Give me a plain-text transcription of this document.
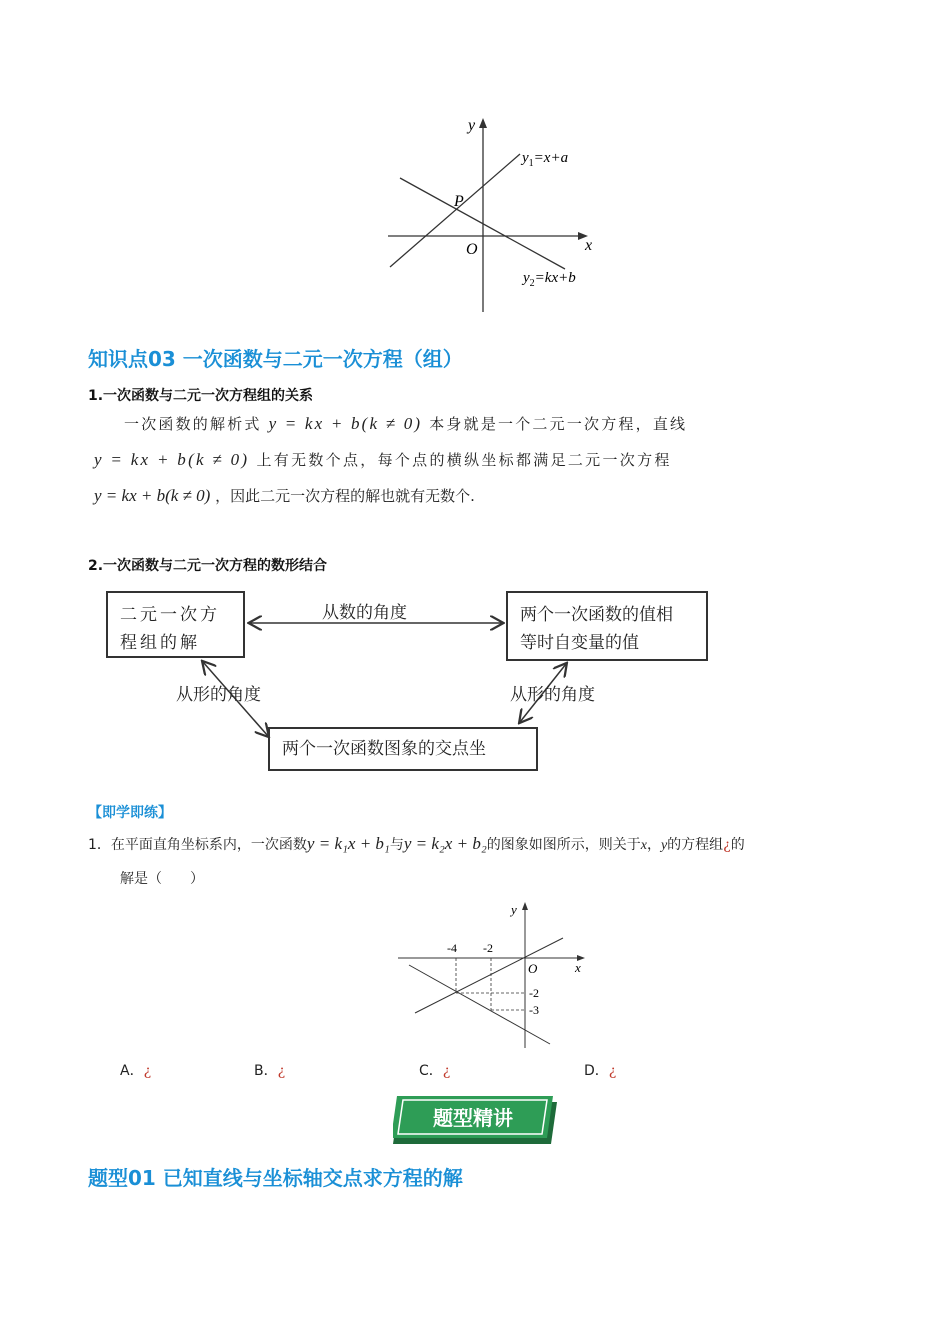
y
x
O
P
$y_1=x+a$
$y_2=kx+b$
知识点03 一次函数与二元一次方程（组）
1.一次函数与二元一次方程组的关系
一次函数的解析式 y = kx + b(k ≠ 0) 本身就是一个二元一次方程，直线
y = kx + b(k ≠ 0) 上有无数个点，每个点的横纵坐标都满足二元一次方程
y = kx + b(k ≠ 0) ，因此二元一次方程的解也就有无数个.
2.一次函数与二元一次方程的数形结合
二元一次方
程组的解
两个一次函数的值相
等时自变量的值
两个一次函数图象的交点坐
从数的角度
从形的角度	从形的角度
【即学即练】
1．在平面直角坐标系内，一次函数y = k₁x + b₁与y = k₂x + b₂的图象如图所示，则关于x，y的方程组¿的
解是（　　）
y
x
O
-4 -2
-2
-3
A．¿	B．¿	C．¿	D．¿
题型精讲
题型01 已知直线与坐标轴交点求方程的解
